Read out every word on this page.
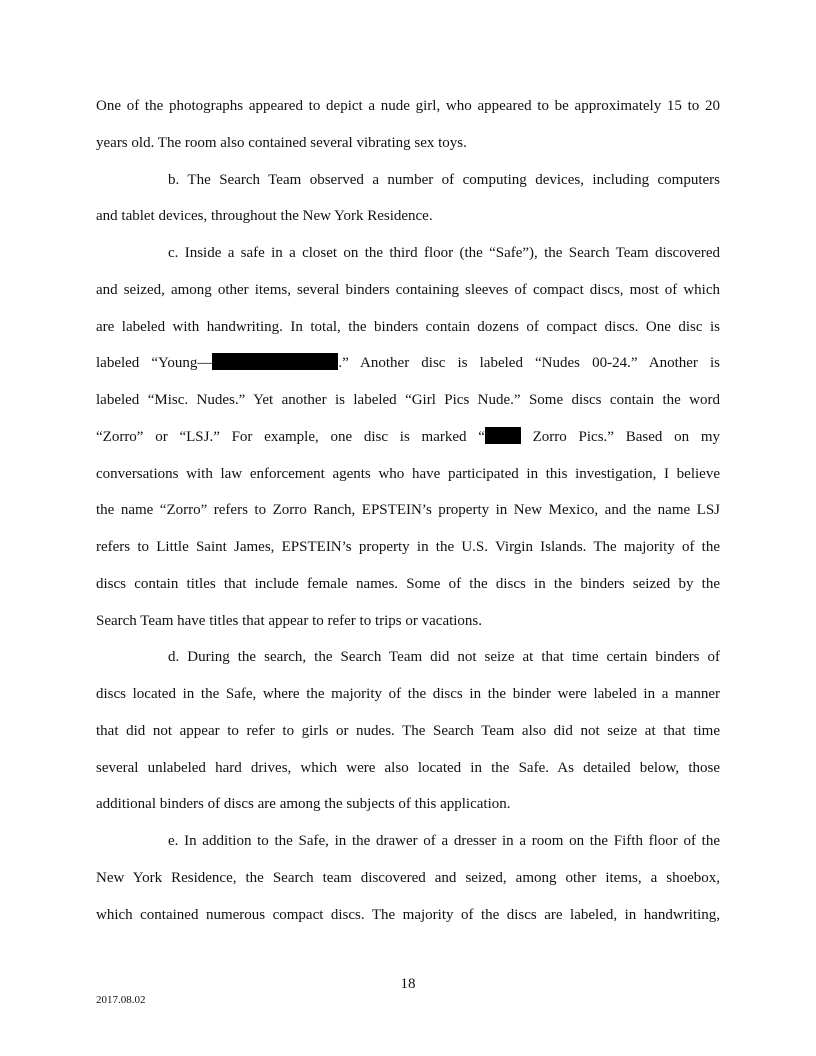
One of the photographs appeared to depict a nude girl, who appeared to be approximately 15 to 20
years old. The room also contained several vibrating sex toys.
b. The Search Team observed a number of computing devices, including computers
and tablet devices, throughout the New York Residence.
c. Inside a safe in a closet on the third floor (the “Safe”), the Search Team discovered
and seized, among other items, several binders containing sleeves of compact discs, most of which
are labeled with handwriting. In total, the binders contain dozens of compact discs. One disc is
labeled “Young—	.” Another disc is labeled “Nudes 00-24.” Another is
labeled “Misc. Nudes.” Yet another is labeled “Girl Pics Nude.” Some discs contain the word
“Zorro” or “LSJ.” For example, one disc is marked “ Zorro Pics.” Based on my
conversations with law enforcement agents who have participated in this investigation, I believe
the name “Zorro” refers to Zorro Ranch, EPSTEIN’s property in New Mexico, and the name LSJ
refers to Little Saint James, EPSTEIN’s property in the U.S. Virgin Islands. The majority of the
discs contain titles that include female names. Some of the discs in the binders seized by the
Search Team have titles that appear to refer to trips or vacations.
d. During the search, the Search Team did not seize at that time certain binders of
discs located in the Safe, where the majority of the discs in the binder were labeled in a manner
that did not appear to refer to girls or nudes. The Search Team also did not seize at that time
several unlabeled hard drives, which were also located in the Safe. As detailed below, those
additional binders of discs are among the subjects of this application.
e. In addition to the Safe, in the drawer of a dresser in a room on the Fifth floor of the
New York Residence, the Search team discovered and seized, among other items, a shoebox,
which contained numerous compact discs. The majority of the discs are labeled, in handwriting,
18
2017.08.02
